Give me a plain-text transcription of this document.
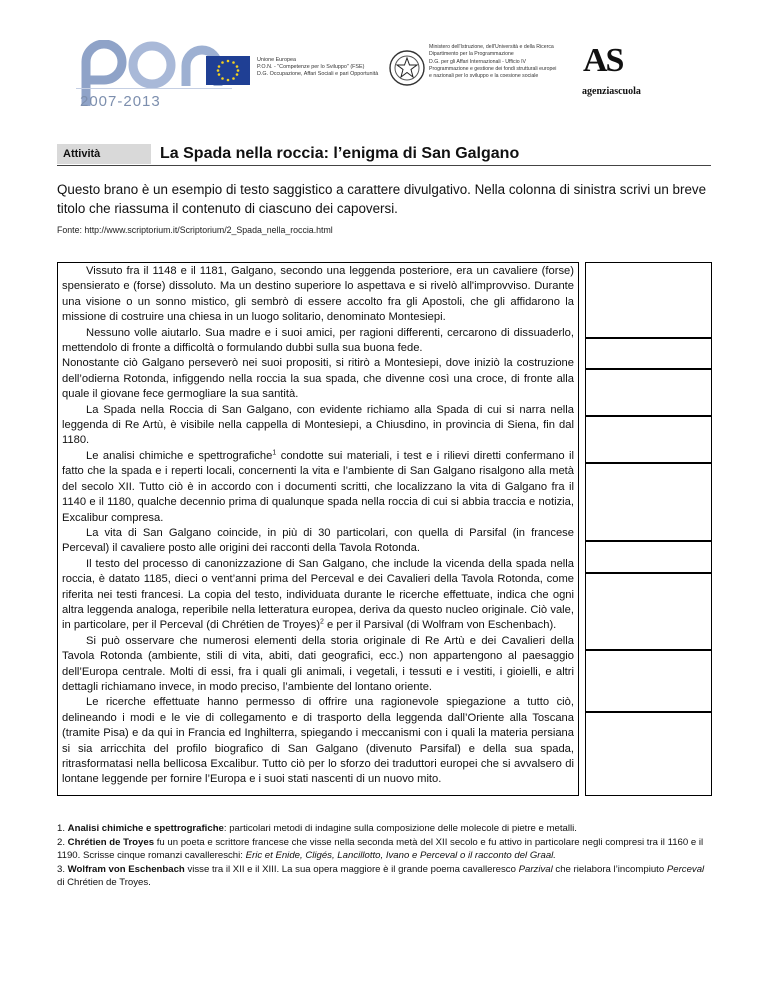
2007-2013
Unione Europea
P.O.N. - "Competenze per lo Sviluppo" (FSE)
D.G. Occupazione, Affari Sociali e pari Opportunità
Ministero dell'Istruzione, dell'Università e della Ricerca
Dipartimento per la Programmazione
D.G. per gli Affari Internazionali - Ufficio IV
Programmazione e gestione dei fondi strutturali europei
e nazionali per lo sviluppo e la coesione sociale	AS
agenziascuola
Attività	La Spada nella roccia: l’enigma di San Galgano
Questo brano è un esempio di testo saggistico a carattere divulgativo. Nella colonna di sinistra scrivi un breve titolo che riassuma il contenuto di ciascuno dei capoversi.
Fonte: http://www.scriptorium.it/Scriptorium/2_Spada_nella_roccia.html

Vissuto fra il 1148 e il 1181, Galgano, secondo una leggenda posteriore, era un cavaliere (forse) spensierato e (forse) dissoluto. Ma un destino superiore lo aspettava e si rivelò all'improvviso. Durante una visione o un sonno mistico, gli sembrò di essere accolto fra gli Apostoli, che gli affidarono la missione di costruire una chiesa in un luogo solitario, denominato Montesiepi.

Nessuno volle aiutarlo. Sua madre e i suoi amici, per ragioni differenti, cercarono di dissuaderlo, mettendolo di fronte a difficoltà o formulando dubbi sulla sua buona fede.

Nonostante ciò Galgano perseverò nei suoi propositi, si ritirò a Montesiepi, dove iniziò la costruzione dell’odierna Rotonda, infiggendo nella roccia la sua spada, che divenne così una croce, di fronte alla quale il giovane fece germogliare la sua santità.

La Spada nella Roccia di San Galgano, con evidente richiamo alla Spada di cui si narra nella leggenda di Re Artù, è visibile nella cappella di Montesiepi, a Chiusdino, in provincia di Siena, fin dal 1180.

Le analisi chimiche e spettrografiche$^1$ condotte sui materiali, i test e i rilievi diretti confermano il fatto che la spada e i reperti locali, concernenti la vita e l’ambiente di San Galgano risalgono alla metà del secolo XII. Tutto ciò è in accordo con i documenti scritti, che localizzano la vita di Galgano fra il 1140 e il 1180, qualche decennio prima di qualunque spada nella roccia di cui si abbia traccia e notizia, Excalibur compresa.

La vita di San Galgano coincide, in più di 30 particolari, con quella di Parsifal (in francese Perceval) il cavaliere posto alle origini dei racconti della Tavola Rotonda.

Il testo del processo di canonizzazione di San Galgano, che include la vicenda della spada nella roccia, è datato 1185, dieci o vent’anni prima del Perceval e dei Cavalieri della Tavola Rotonda, come riferita nei testi francesi. La copia del testo, individuata durante le ricerche effettuate, indica che ogni altra leggenda analoga, reperibile nella letteratura europea, deriva da questo nucleo originale. Ciò vale, in particolare, per il Perceval (di Chrétien de Troyes)$^2$ e per il Parsival (di Wolfram von Eschenbach).

Si può osservare che numerosi elementi della storia originale di Re Artù e dei Cavalieri della Tavola Rotonda (ambiente, stili di vita, abiti, dati geografici, ecc.) non appartengono al paesaggio dell’Europa centrale. Molti di essi, fra i quali gli animali, i vegetali, i tessuti e i vestiti, i gioielli, e altri dettagli richiamano invece, in modo preciso, l’ambiente del lontano oriente.

Le ricerche effettuate hanno permesso di offrire una ragionevole spiegazione a tutto ciò, delineando i modi e le vie di collegamento e di trasporto della leggenda dall’Oriente alla Toscana (tramite Pisa) e da qui in Francia ed Inghilterra, spiegando i meccanismi con i quali la materia persiana si sia arricchita del profilo biografico di San Galgano (divenuto Parsifal) e della sua spada, ritrasformatasi nella bellicosa Excalibur. Tutto ciò per lo sforzo dei traduttori europei che si avvalsero di lontane leggende per fornire l’Europa e i suoi stati nascenti di un nuovo mito.

1. Analisi chimiche e spettrografiche: particolari metodi di indagine sulla composizione delle molecole di pietre e metalli.

2. Chrétien de Troyes fu un poeta e scrittore francese che visse nella seconda metà del XII secolo e fu attivo in particolare negli compresi tra il 1160 e il 1190. Scrisse cinque romanzi cavallereschi: Eric et Enide, Cligés, Lancillotto, Ivano e Perceval o il racconto del Graal.

3. Wolfram von Eschenbach visse tra il XII e il XIII. La sua opera maggiore è il grande poema cavalleresco Parzival che rielabora l’incompiuto Perceval di Chrétien de Troyes.
